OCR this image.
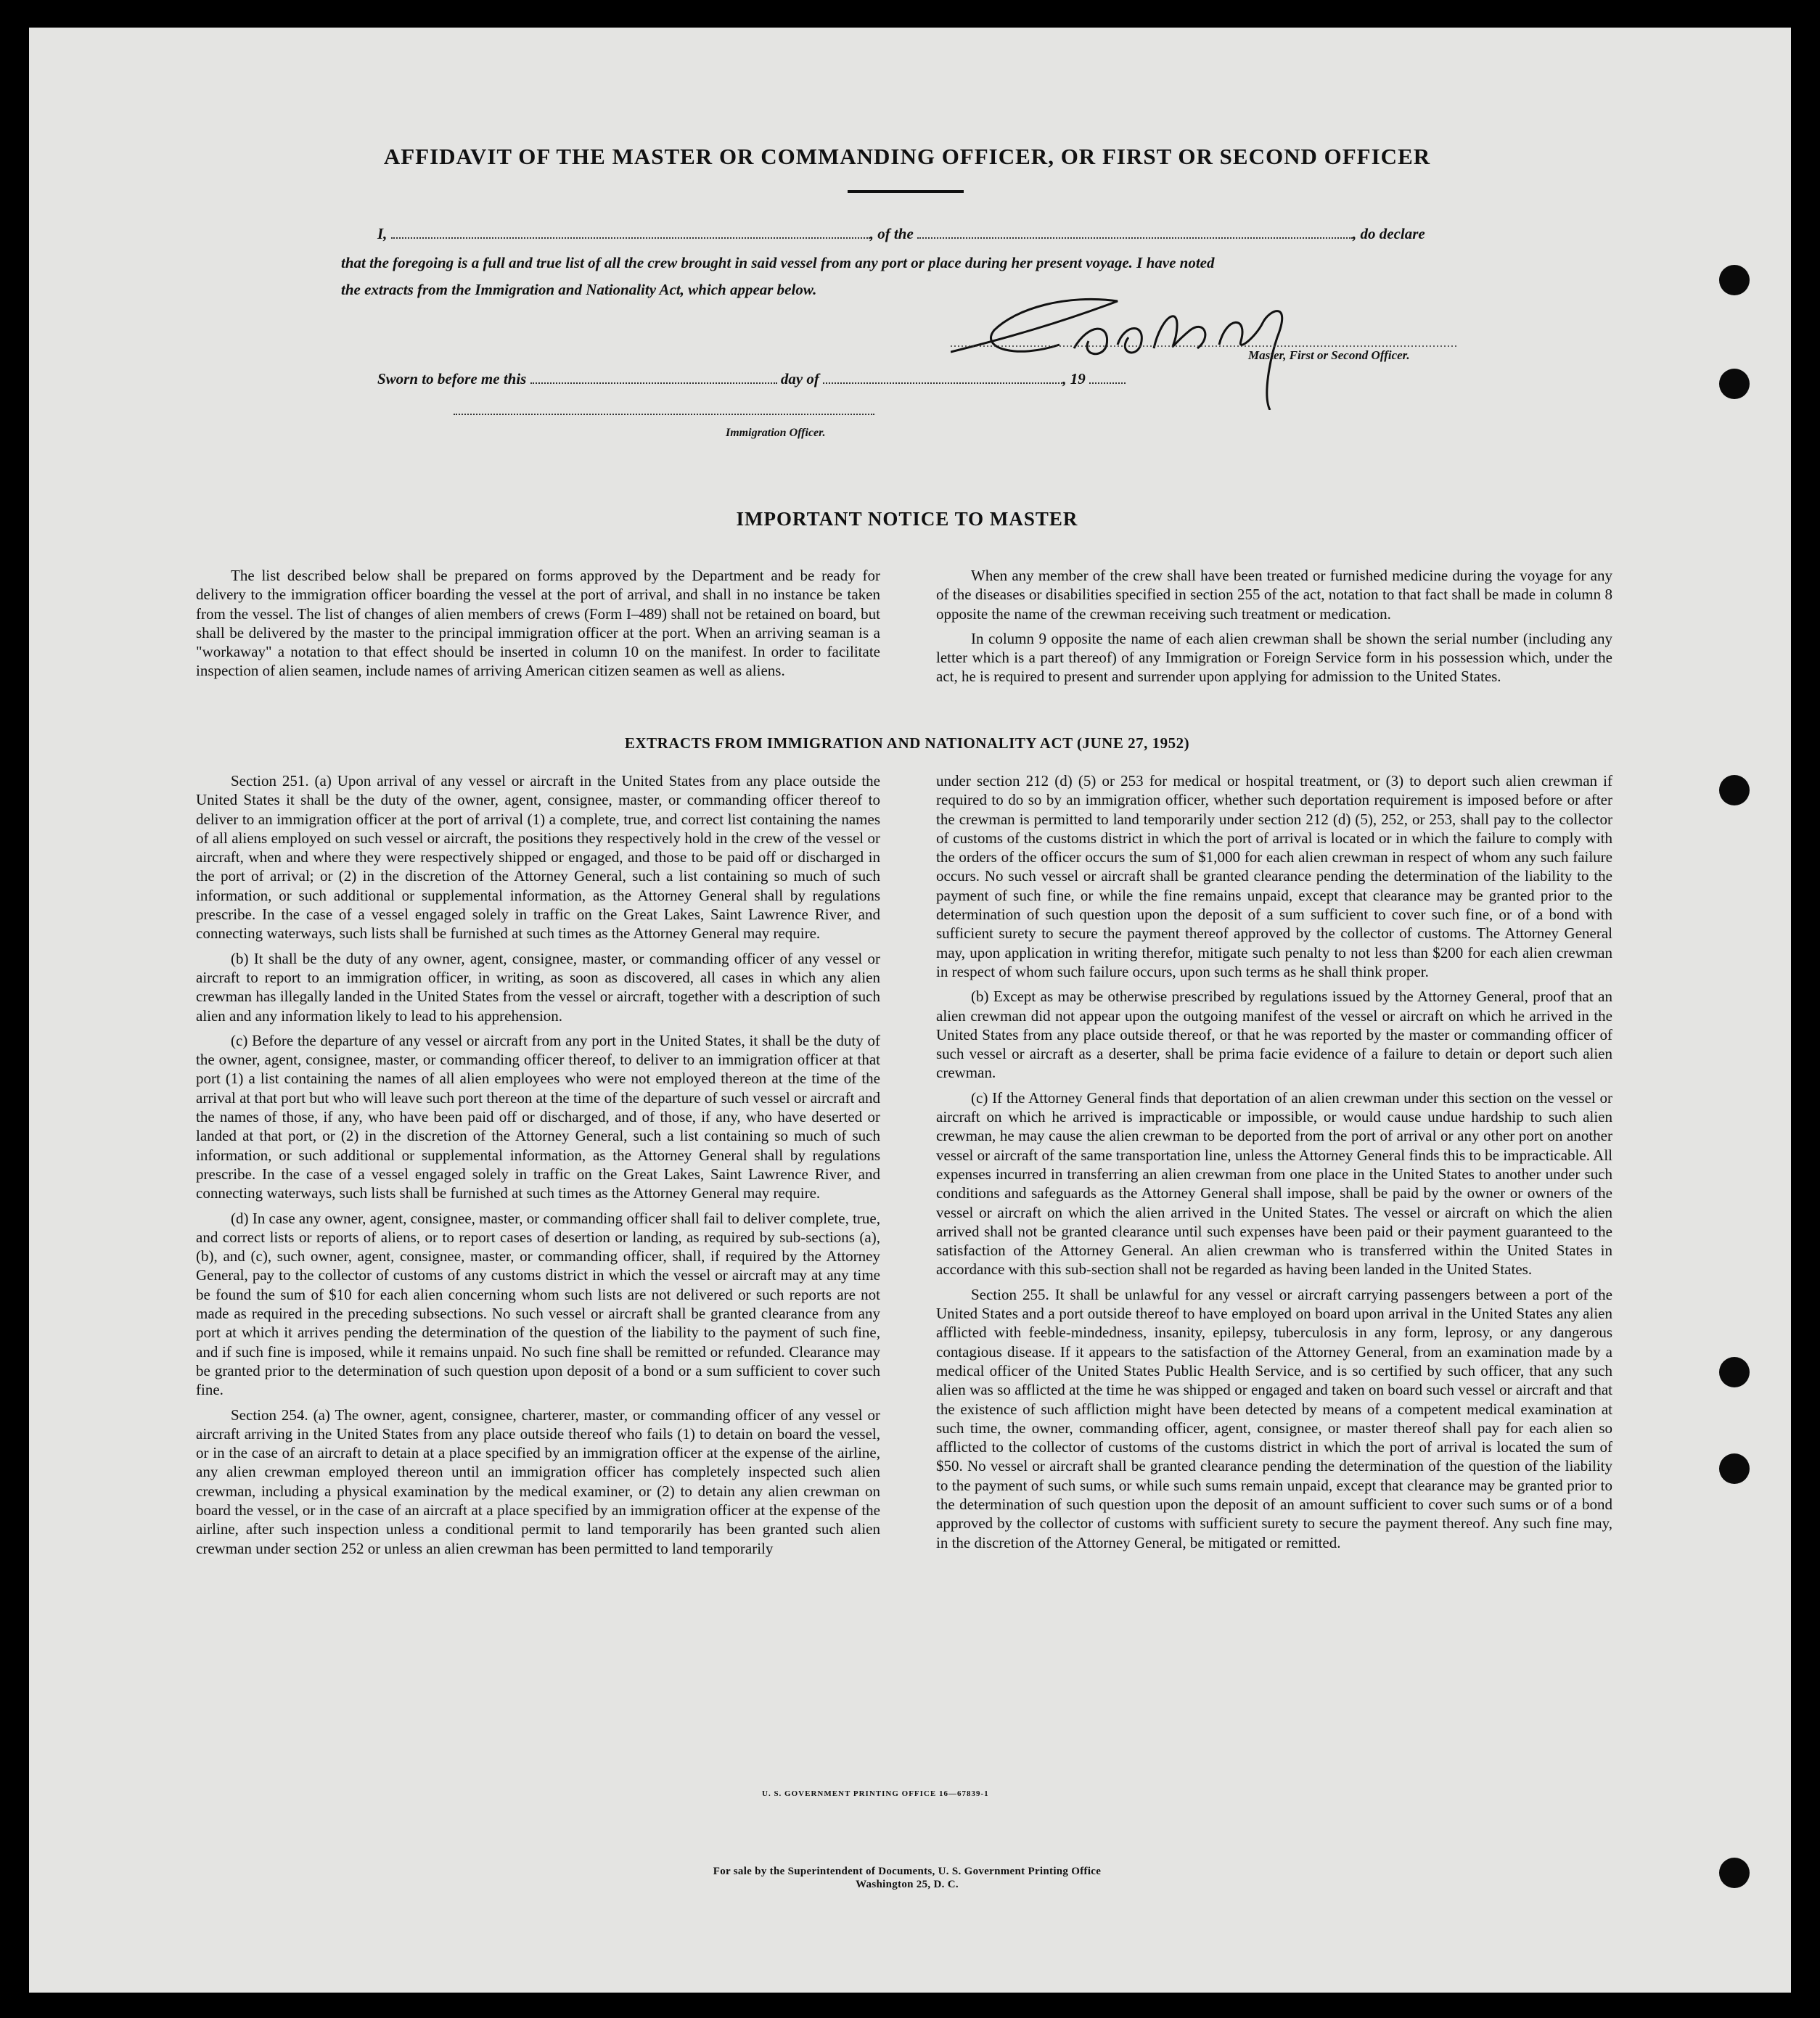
AFFIDAVIT OF THE MASTER OR COMMANDING OFFICER, OR FIRST OR SECOND OFFICER
I,	, of the	, do declare
that the foregoing is a full and true list of all the crew brought in said vessel from any port or place during her present voyage. I have noted
the extracts from the Immigration and Nationality Act, which appear below.
Master, First or Second Officer.
Sworn to before me this	day of	, 19
Immigration Officer.
IMPORTANT NOTICE TO MASTER

The list described below shall be prepared on forms approved by the Department and be ready for delivery to the immigration officer boarding the vessel at the port of arrival, and shall in no instance be taken from the vessel. The list of changes of alien members of crews (Form I–489) shall not be retained on board, but shall be delivered by the master to the principal immigration officer at the port. When an arriving seaman is a "workaway" a notation to that effect should be inserted in column 10 on the manifest. In order to facilitate inspection of alien seamen, include names of arriving American citizen seamen as well as aliens.

When any member of the crew shall have been treated or furnished medicine during the voyage for any of the diseases or disabilities specified in section 255 of the act, notation to that fact shall be made in column 8 opposite the name of the crewman receiving such treatment or medication.

In column 9 opposite the name of each alien crewman shall be shown the serial number (including any letter which is a part thereof) of any Immigration or Foreign Service form in his possession which, under the act, he is required to present and surrender upon applying for admission to the United States.

EXTRACTS FROM IMMIGRATION AND NATIONALITY ACT (JUNE 27, 1952)

Section 251. (a) Upon arrival of any vessel or aircraft in the United States from any place outside the United States it shall be the duty of the owner, agent, consignee, master, or commanding officer thereof to deliver to an immigration officer at the port of arrival (1) a complete, true, and correct list containing the names of all aliens employed on such vessel or aircraft, the positions they respectively hold in the crew of the vessel or aircraft, when and where they were respectively shipped or engaged, and those to be paid off or discharged in the port of arrival; or (2) in the discretion of the Attorney General, such a list containing so much of such information, or such additional or supplemental information, as the Attorney General shall by regulations prescribe. In the case of a vessel engaged solely in traffic on the Great Lakes, Saint Lawrence River, and connecting waterways, such lists shall be furnished at such times as the Attorney General may require.

(b) It shall be the duty of any owner, agent, consignee, master, or commanding officer of any vessel or aircraft to report to an immigration officer, in writing, as soon as discovered, all cases in which any alien crewman has illegally landed in the United States from the vessel or aircraft, together with a description of such alien and any information likely to lead to his apprehension.

(c) Before the departure of any vessel or aircraft from any port in the United States, it shall be the duty of the owner, agent, consignee, master, or commanding officer thereof, to deliver to an immigration officer at that port (1) a list containing the names of all alien employees who were not employed thereon at the time of the arrival at that port but who will leave such port thereon at the time of the departure of such vessel or aircraft and the names of those, if any, who have been paid off or discharged, and of those, if any, who have deserted or landed at that port, or (2) in the discretion of the Attorney General, such a list containing so much of such information, or such additional or supplemental information, as the Attorney General shall by regulations prescribe. In the case of a vessel engaged solely in traffic on the Great Lakes, Saint Lawrence River, and connecting waterways, such lists shall be furnished at such times as the Attorney General may require.

(d) In case any owner, agent, consignee, master, or commanding officer shall fail to deliver complete, true, and correct lists or reports of aliens, or to report cases of desertion or landing, as required by sub-sections (a), (b), and (c), such owner, agent, consignee, master, or commanding officer, shall, if required by the Attorney General, pay to the collector of customs of any customs district in which the vessel or aircraft may at any time be found the sum of $10 for each alien concerning whom such lists are not delivered or such reports are not made as required in the preceding subsections. No such vessel or aircraft shall be granted clearance from any port at which it arrives pending the determination of the question of the liability to the payment of such fine, and if such fine is imposed, while it remains unpaid. No such fine shall be remitted or refunded. Clearance may be granted prior to the determination of such question upon deposit of a bond or a sum sufficient to cover such fine.

Section 254. (a) The owner, agent, consignee, charterer, master, or commanding officer of any vessel or aircraft arriving in the United States from any place outside thereof who fails (1) to detain on board the vessel, or in the case of an aircraft to detain at a place specified by an immigration officer at the expense of the airline, any alien crewman employed thereon until an immigration officer has completely inspected such alien crewman, including a physical examination by the medical examiner, or (2) to detain any alien crewman on board the vessel, or in the case of an aircraft at a place specified by an immigration officer at the expense of the airline, after such inspection unless a conditional permit to land temporarily has been granted such alien crewman under section 252 or unless an alien crewman has been permitted to land temporarily

under section 212 (d) (5) or 253 for medical or hospital treatment, or (3) to deport such alien crewman if required to do so by an immigration officer, whether such deportation requirement is imposed before or after the crewman is permitted to land temporarily under section 212 (d) (5), 252, or 253, shall pay to the collector of customs of the customs district in which the port of arrival is located or in which the failure to comply with the orders of the officer occurs the sum of $1,000 for each alien crewman in respect of whom any such failure occurs. No such vessel or aircraft shall be granted clearance pending the determination of the liability to the payment of such fine, or while the fine remains unpaid, except that clearance may be granted prior to the determination of such question upon the deposit of a sum sufficient to cover such fine, or of a bond with sufficient surety to secure the payment thereof approved by the collector of customs. The Attorney General may, upon application in writing therefor, mitigate such penalty to not less than $200 for each alien crewman in respect of whom such failure occurs, upon such terms as he shall think proper.

(b) Except as may be otherwise prescribed by regulations issued by the Attorney General, proof that an alien crewman did not appear upon the outgoing manifest of the vessel or aircraft on which he arrived in the United States from any place outside thereof, or that he was reported by the master or commanding officer of such vessel or aircraft as a deserter, shall be prima facie evidence of a failure to detain or deport such alien crewman.

(c) If the Attorney General finds that deportation of an alien crewman under this section on the vessel or aircraft on which he arrived is impracticable or impossible, or would cause undue hardship to such alien crewman, he may cause the alien crewman to be deported from the port of arrival or any other port on another vessel or aircraft of the same transportation line, unless the Attorney General finds this to be impracticable. All expenses incurred in transferring an alien crewman from one place in the United States to another under such conditions and safeguards as the Attorney General shall impose, shall be paid by the owner or owners of the vessel or aircraft on which the alien arrived in the United States. The vessel or aircraft on which the alien arrived shall not be granted clearance until such expenses have been paid or their payment guaranteed to the satisfaction of the Attorney General. An alien crewman who is transferred within the United States in accordance with this sub-section shall not be regarded as having been landed in the United States.

Section 255. It shall be unlawful for any vessel or aircraft carrying passengers between a port of the United States and a port outside thereof to have employed on board upon arrival in the United States any alien afflicted with feeble-mindedness, insanity, epilepsy, tuberculosis in any form, leprosy, or any dangerous contagious disease. If it appears to the satisfaction of the Attorney General, from an examination made by a medical officer of the United States Public Health Service, and is so certified by such officer, that any such alien was so afflicted at the time he was shipped or engaged and taken on board such vessel or aircraft and that the existence of such affliction might have been detected by means of a competent medical examination at such time, the owner, commanding officer, agent, consignee, or master thereof shall pay for each alien so afflicted to the collector of customs of the customs district in which the port of arrival is located the sum of $50. No vessel or aircraft shall be granted clearance pending the determination of the question of the liability to the payment of such sums, or while such sums remain unpaid, except that clearance may be granted prior to the determination of such question upon the deposit of an amount sufficient to cover such sums or of a bond approved by the collector of customs with sufficient surety to secure the payment thereof. Any such fine may, in the discretion of the Attorney General, be mitigated or remitted.

U. S. GOVERNMENT PRINTING OFFICE 16—67839-1
For sale by the Superintendent of Documents, U. S. Government Printing Office
Washington 25, D. C.
